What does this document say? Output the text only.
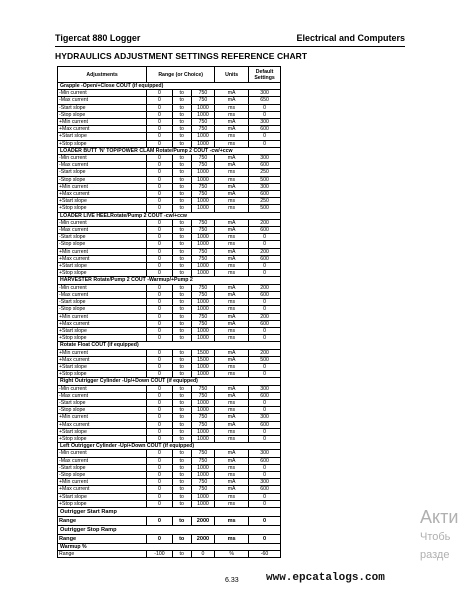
Tigercat 880 Logger	Electrical and Computers
HYDRAULICS ADJUSTMENT SETTINGS REFERENCE CHART
Adjustments	Range (or Choice)			Units	Default Settings
Grapple -Open/+Close COUT (if equipped)					
-Min current	0	to	750	mA	300
-Max current	0	to	750	mA	650
-Start slope	0	to	1000	ms	0
-Stop slope	0	to	1000	ms	0
+Min current	0	to	750	mA	300
+Max current	0	to	750	mA	600
+Start slope	0	to	1000	ms	0
+Stop slope	0	to	1000	ms	0
LOADER BUTT 'N' TOP/POWER CLAM Rotate/Pump 2 COUT -cw/+ccw					
-Min current	0	to	750	mA	300
-Max current	0	to	750	mA	600
-Start slope	0	to	1000	ms	250
-Stop slope	0	to	1000	ms	500
+Min current	0	to	750	mA	300
+Max current	0	to	750	mA	600
+Start slope	0	to	1000	ms	250
+Stop slope	0	to	1000	ms	500
LOADER LIVE HEELRotate/Pump 2 COUT -cw/+ccw					
-Min current	0	to	750	mA	200
-Max current	0	to	750	mA	600
-Start slope	0	to	1000	ms	0
-Stop slope	0	to	1000	ms	0
+Min current	0	to	750	mA	200
+Max current	0	to	750	mA	600
+Start slope	0	to	1000	ms	0
+Stop slope	0	to	1000	ms	0
HARVESTER Rotate/Pump 2 COUT -Warmup/+Pump 2					
-Min current	0	to	750	mA	200
-Max current	0	to	750	mA	600
-Start slope	0	to	1000	ms	0
-Stop slope	0	to	1000	ms	0
+Min current	0	to	750	mA	200
+Max current	0	to	750	mA	600
+Start slope	0	to	1000	ms	0
+Stop slope	0	to	1000	ms	0
Rotate Float COUT (if equipped)					
+Min current	0	to	1500	mA	200
+Max current	0	to	1500	mA	500
+Start slope	0	to	1000	ms	0
+Stop slope	0	to	1000	ms	0
Right Outrigger Cylinder -Up/+Down COUT (if equipped)					
-Min current	0	to	750	mA	300
-Max current	0	to	750	mA	600
-Start slope	0	to	1000	ms	0
-Stop slope	0	to	1000	ms	0
+Min current	0	to	750	mA	300
+Max current	0	to	750	mA	600
+Start slope	0	to	1000	ms	0
+Stop slope	0	to	1000	ms	0
Left Outrigger Cylinder -Up/+Down COUT (if equipped)					
-Min current	0	to	750	mA	300
-Max current	0	to	750	mA	600
-Start slope	0	to	1000	ms	0
-Stop slope	0	to	1000	ms	0
+Min current	0	to	750	mA	300
+Max current	0	to	750	mA	600
+Start slope	0	to	1000	ms	0
+Stop slope	0	to	1000	ms	0
Outrigger Start Ramp					
Range	0	to	2000	ms	0
Outrigger Stop Ramp					
Range	0	to	2000	ms	0
Warmup %					
Range	-100	to	0	%	-60
6.33 www.epcatalogs.com
Акти
Чтобь
разде
